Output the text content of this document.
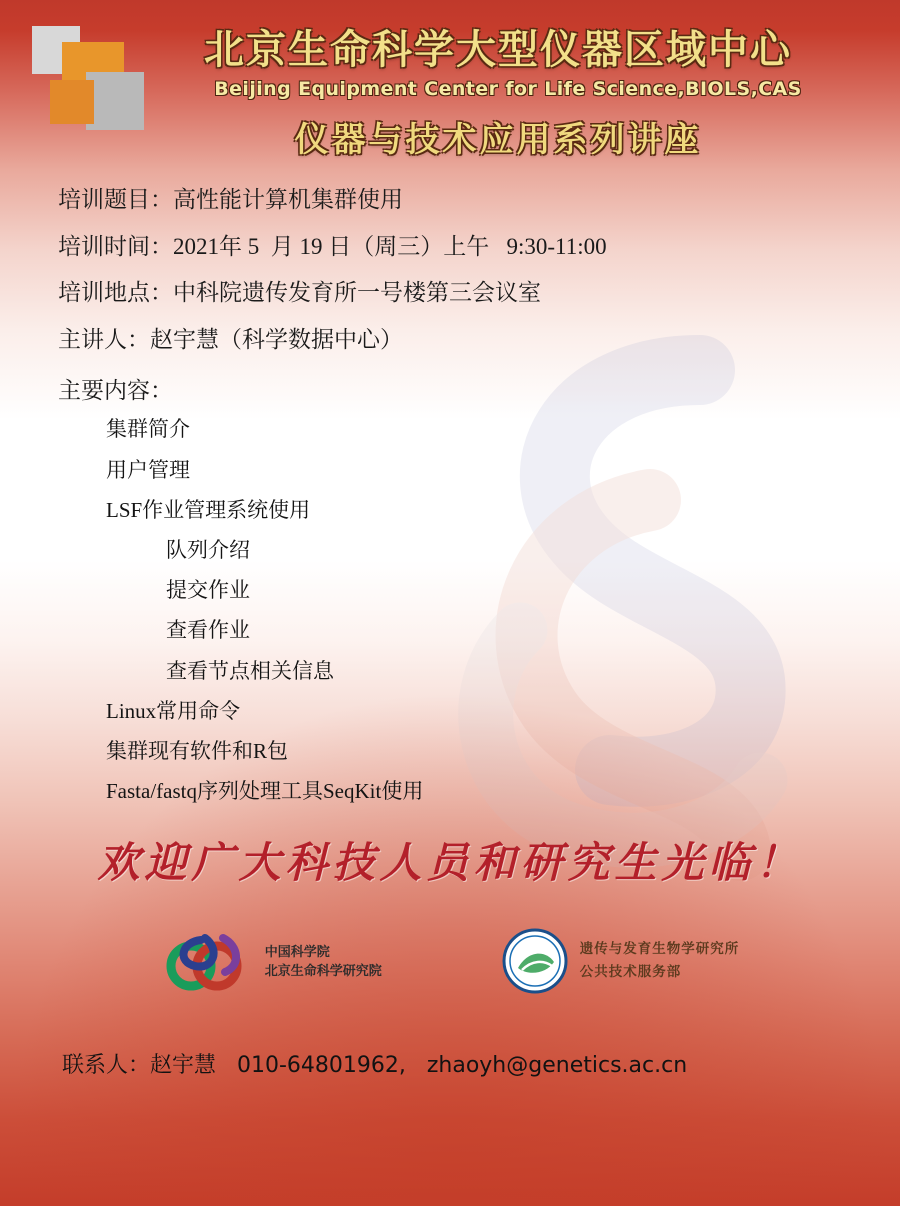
北京生命科学大型仪器区域中心
Beijing Equipment Center for Life Science,BIOLS,CAS
仪器与技术应用系列讲座
培训题目：高性能计算机集群使用
培训时间：2021年 5  月 19 日（周三）上午   9:30-11:00
培训地点：中科院遗传发育所一号楼第三会议室
主讲人：赵宇慧（科学数据中心）
主要内容：
集群简介
用户管理
LSF作业管理系统使用
队列介绍
提交作业
查看作业
查看节点相关信息
Linux常用命令
集群现有软件和R包
Fasta/fastq序列处理工具SeqKit使用
欢迎广大科技人员和研究生光临！
中国科学院
北京生命科学研究院
遗传与发育生物学研究所
公共技术服务部
联系人：赵宇慧   010-64801962,   zhaoyh@genetics.ac.cn
